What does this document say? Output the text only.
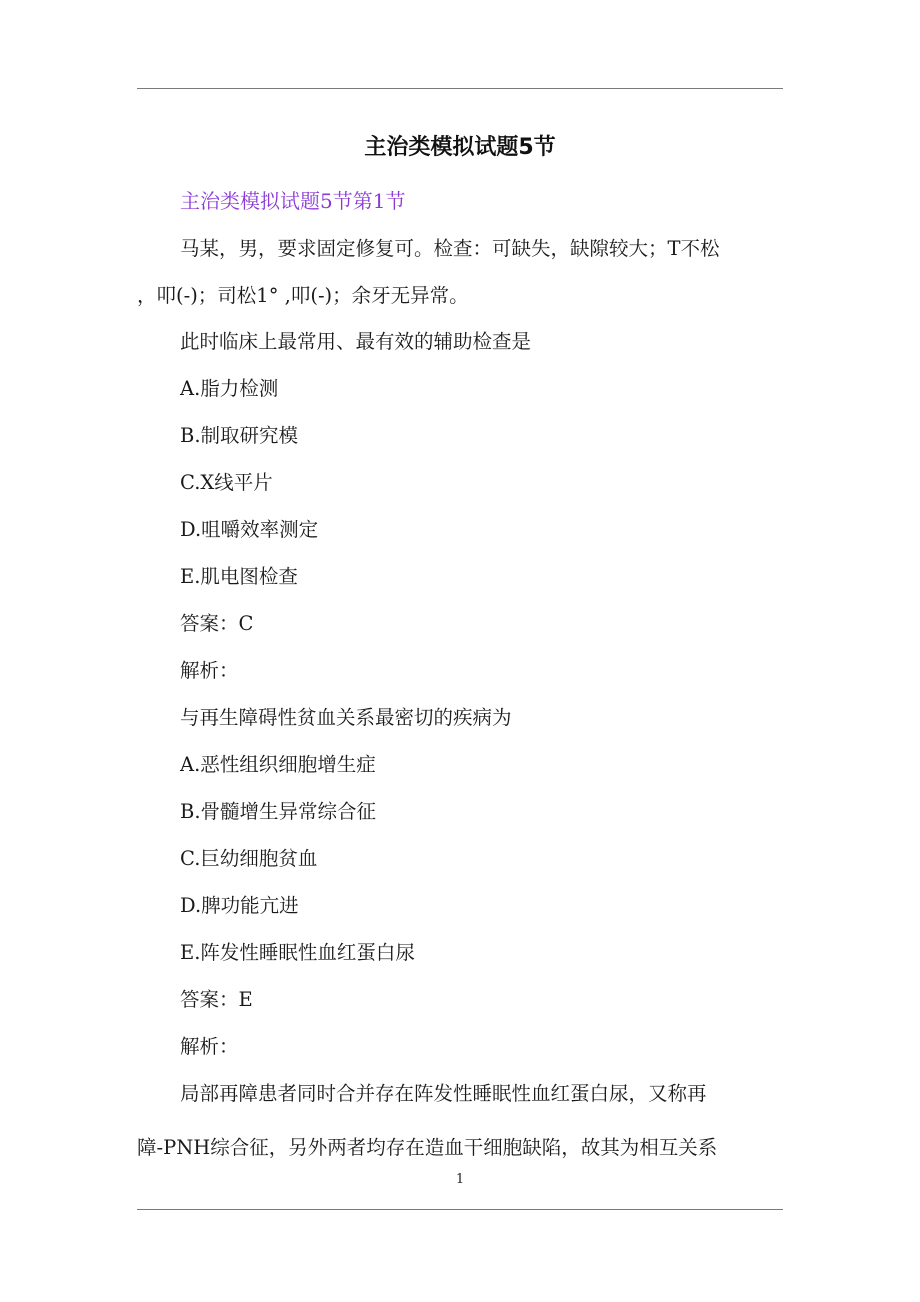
主治类模拟试题5节
主治类模拟试题5节第1节
马某，男，要求固定修复可。检查：可缺失，缺隙较大；T不松
，叩(-)；司松1° ,叩(-)；余牙无异常。
此时临床上最常用、最有效的辅助检查是
A.脂力检测
B.制取研究模
C.X线平片
D.咀嚼效率测定
E.肌电图检查
答案：C
解析：
与再生障碍性贫血关系最密切的疾病为
A.恶性组织细胞增生症
B.骨髓增生异常综合征
C.巨幼细胞贫血
D.脾功能亢进
E.阵发性睡眠性血红蛋白尿
答案：E
解析：
局部再障患者同时合并存在阵发性睡眠性血红蛋白尿，又称再
障-PNH综合征，另外两者均存在造血干细胞缺陷，故其为相互关系
1
